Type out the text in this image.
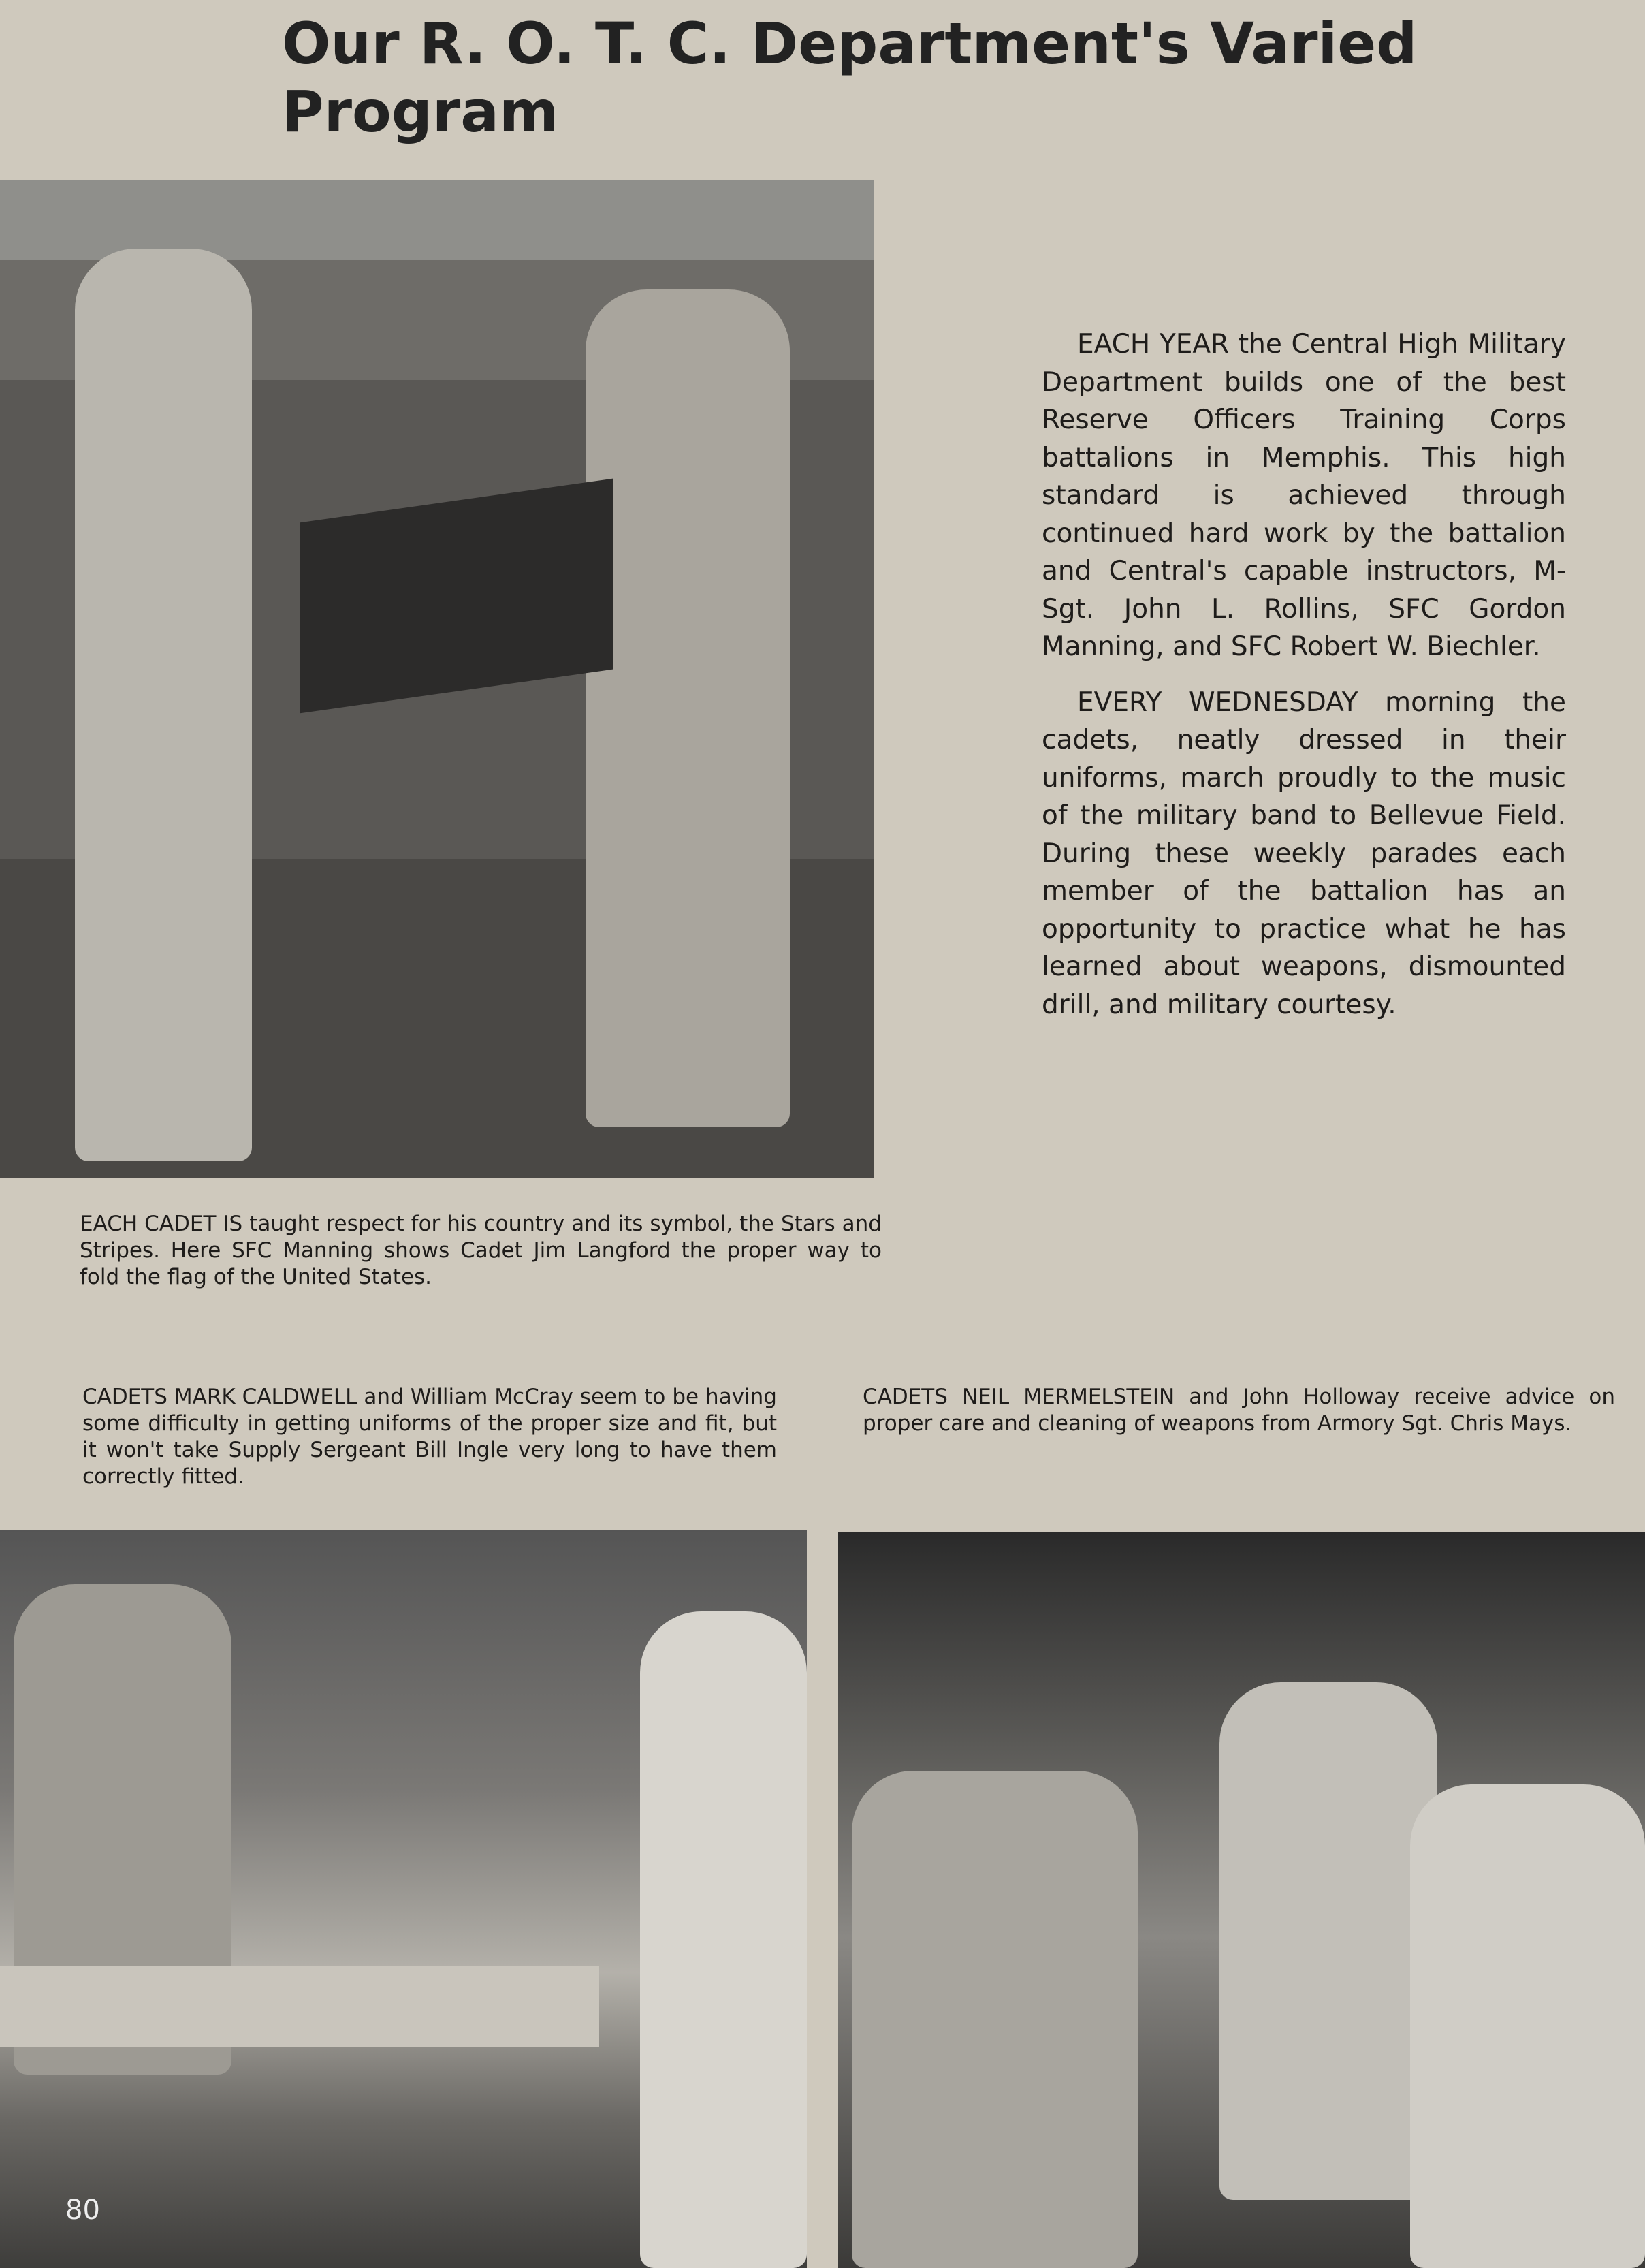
Our R. O. T. C. Department's Varied Program

EACH YEAR the Central High Military Department builds one of the best Reserve Officers Training Corps battalions in Memphis. This high standard is achieved through continued hard work by the battalion and Central's capable instructors, M-Sgt. John L. Rollins, SFC Gordon Manning, and SFC Robert W. Biechler.

EVERY WEDNESDAY morning the cadets, neatly dressed in their uniforms, march proudly to the music of the military band to Bellevue Field. During these weekly parades each member of the battalion has an opportunity to practice what he has learned about weapons, dismounted drill, and military courtesy.

EACH CADET IS taught respect for his country and its symbol, the Stars and Stripes. Here SFC Manning shows Cadet Jim Langford the proper way to fold the flag of the United States.
CADETS MARK CALDWELL and William McCray seem to be having some difficulty in getting uniforms of the proper size and fit, but it won't take Supply Sergeant Bill Ingle very long to have them correctly fitted.
CADETS NEIL MERMELSTEIN and John Holloway receive advice on proper care and cleaning of weapons from Armory Sgt. Chris Mays.
80
